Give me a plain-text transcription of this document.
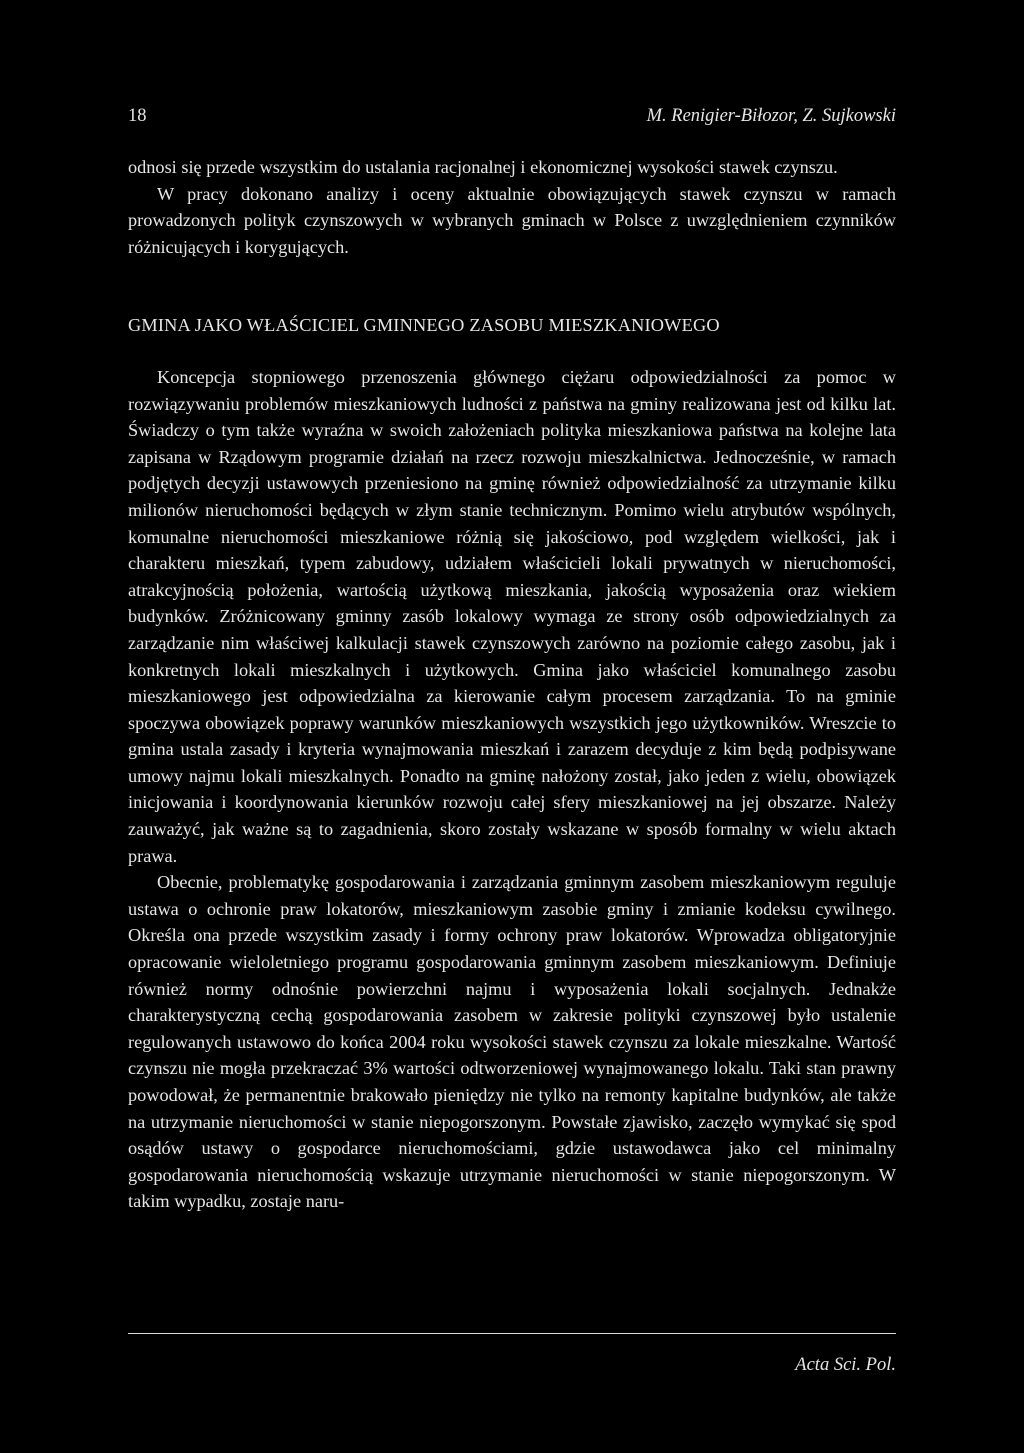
18	M. Renigier-Biłozor, Z. Sujkowski

odnosi się przede wszystkim do ustalania racjonalnej i ekonomicznej wysokości stawek czynszu.

W pracy dokonano analizy i oceny aktualnie obowiązujących stawek czynszu w ramach prowadzonych polityk czynszowych w wybranych gminach w Polsce z uwzględnieniem czynników różnicujących i korygujących.

GMINA JAKO WŁAŚCICIEL GMINNEGO ZASOBU MIESZKANIOWEGO

Koncepcja stopniowego przenoszenia głównego ciężaru odpowiedzialności za pomoc w rozwiązywaniu problemów mieszkaniowych ludności z państwa na gminy realizowana jest od kilku lat. Świadczy o tym także wyraźna w swoich założeniach polityka mieszkaniowa państwa na kolejne lata zapisana w Rządowym programie działań na rzecz rozwoju mieszkalnictwa. Jednocześnie, w ramach podjętych decyzji ustawowych przeniesiono na gminę również odpowiedzialność za utrzymanie kilku milionów nieruchomości będących w złym stanie technicznym. Pomimo wielu atrybutów wspólnych, komunalne nieruchomości mieszkaniowe różnią się jakościowo, pod względem wielkości, jak i charakteru mieszkań, typem zabudowy, udziałem właścicieli lokali prywatnych w nieruchomości, atrakcyjnością położenia, wartością użytkową mieszkania, jakością wyposażenia oraz wiekiem budynków. Zróżnicowany gminny zasób lokalowy wymaga ze strony osób odpowiedzialnych za zarządzanie nim właściwej kalkulacji stawek czynszowych zarówno na poziomie całego zasobu, jak i konkretnych lokali mieszkalnych i użytkowych. Gmina jako właściciel komunalnego zasobu mieszkaniowego jest odpowiedzialna za kierowanie całym procesem zarządzania. To na gminie spoczywa obowiązek poprawy warunków mieszkaniowych wszystkich jego użytkowników. Wreszcie to gmina ustala zasady i kryteria wynajmowania mieszkań i zarazem decyduje z kim będą podpisywane umowy najmu lokali mieszkalnych. Ponadto na gminę nałożony został, jako jeden z wielu, obowiązek inicjowania i koordynowania kierunków rozwoju całej sfery mieszkaniowej na jej obszarze. Należy zauważyć, jak ważne są to zagadnienia, skoro zostały wskazane w sposób formalny w wielu aktach prawa.

Obecnie, problematykę gospodarowania i zarządzania gminnym zasobem mieszkaniowym reguluje ustawa o ochronie praw lokatorów, mieszkaniowym zasobie gminy i zmianie kodeksu cywilnego. Określa ona przede wszystkim zasady i formy ochrony praw lokatorów. Wprowadza obligatoryjnie opracowanie wieloletniego programu gospodarowania gminnym zasobem mieszkaniowym. Definiuje również normy odnośnie powierzchni najmu i wyposażenia lokali socjalnych. Jednakże charakterystyczną cechą gospodarowania zasobem w zakresie polityki czynszowej było ustalenie regulowanych ustawowo do końca 2004 roku wysokości stawek czynszu za lokale mieszkalne. Wartość czynszu nie mogła przekraczać 3% wartości odtworzeniowej wynajmowanego lokalu. Taki stan prawny powodował, że permanentnie brakowało pieniędzy nie tylko na remonty kapitalne budynków, ale także na utrzymanie nieruchomości w stanie niepogorszonym. Powstałe zjawisko, zaczęło wymykać się spod osądów ustawy o gospodarce nieruchomościami, gdzie ustawodawca jako cel minimalny gospodarowania nieruchomością wskazuje utrzymanie nieruchomości w stanie niepogorszonym. W takim wypadku, zostaje naru-

Acta Sci. Pol.
